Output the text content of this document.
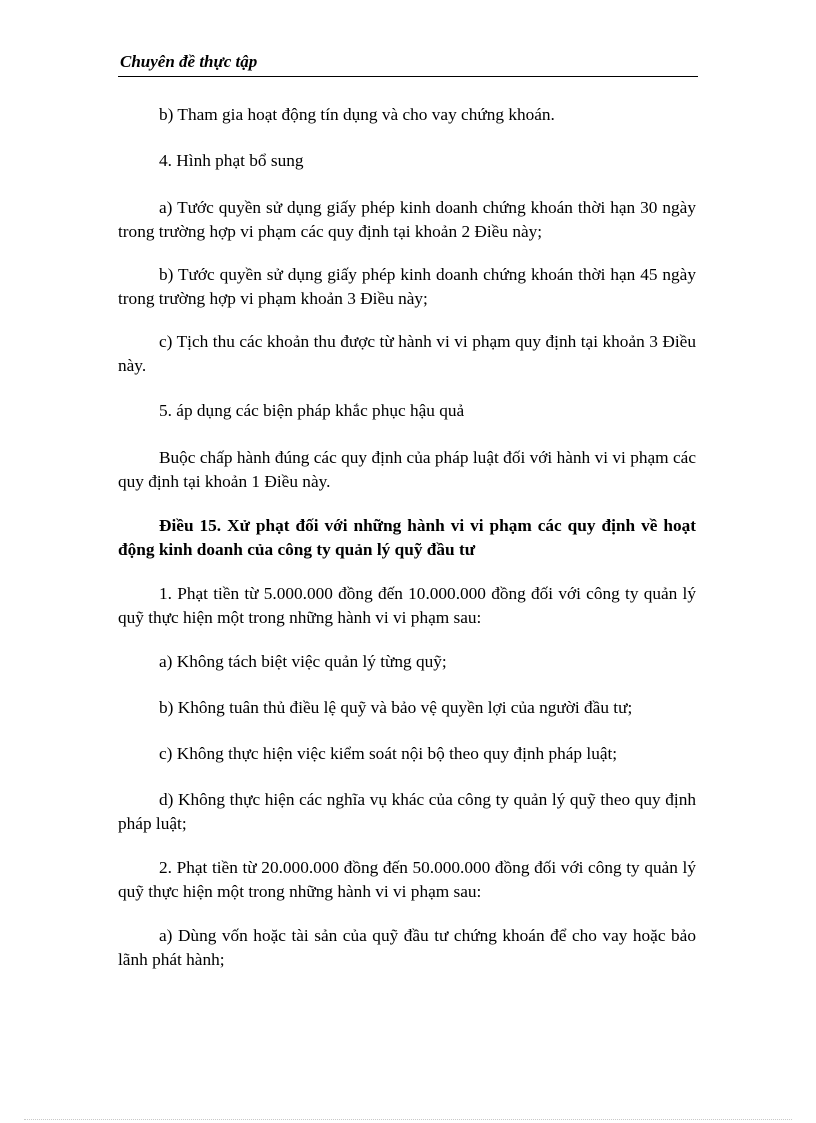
Chuyên đề thực tập

b) Tham gia hoạt động tín dụng và cho vay chứng khoán.

4. Hình phạt bổ sung

a) Tước quyền sử dụng giấy phép kinh doanh chứng khoán thời hạn 30 ngày trong trường hợp vi phạm các quy định tại khoản 2 Điều này;

b) Tước quyền sử dụng giấy phép kinh doanh chứng khoán thời hạn 45 ngày trong trường hợp vi phạm khoản 3 Điều này;

c) Tịch thu các khoản thu được từ hành vi vi phạm quy định tại khoản 3 Điều này.

5. áp dụng các biện pháp khắc phục hậu quả

Buộc chấp hành đúng các quy định của pháp luật đối với hành vi vi phạm các quy định tại khoản 1 Điều này.

Điều 15. Xử phạt đối với những hành vi vi phạm các quy định về hoạt động kinh doanh của công ty quản lý quỹ đầu tư

1. Phạt tiền từ 5.000.000 đồng đến 10.000.000 đồng đối với công ty quản lý quỹ thực hiện một trong những hành vi vi phạm sau:

a) Không tách biệt việc quản lý từng quỹ;

b) Không tuân thủ điều lệ quỹ và bảo vệ quyền lợi của người đầu tư;

c) Không thực hiện việc kiểm soát nội bộ theo quy định pháp luật;

d) Không thực hiện các nghĩa vụ khác của công ty quản lý quỹ theo quy định pháp luật;

2. Phạt tiền từ 20.000.000 đồng đến 50.000.000 đồng đối với công ty quản lý quỹ thực hiện một trong những hành vi vi phạm sau:

a) Dùng vốn hoặc tài sản của quỹ đầu tư chứng khoán để cho vay hoặc bảo lãnh phát hành;
